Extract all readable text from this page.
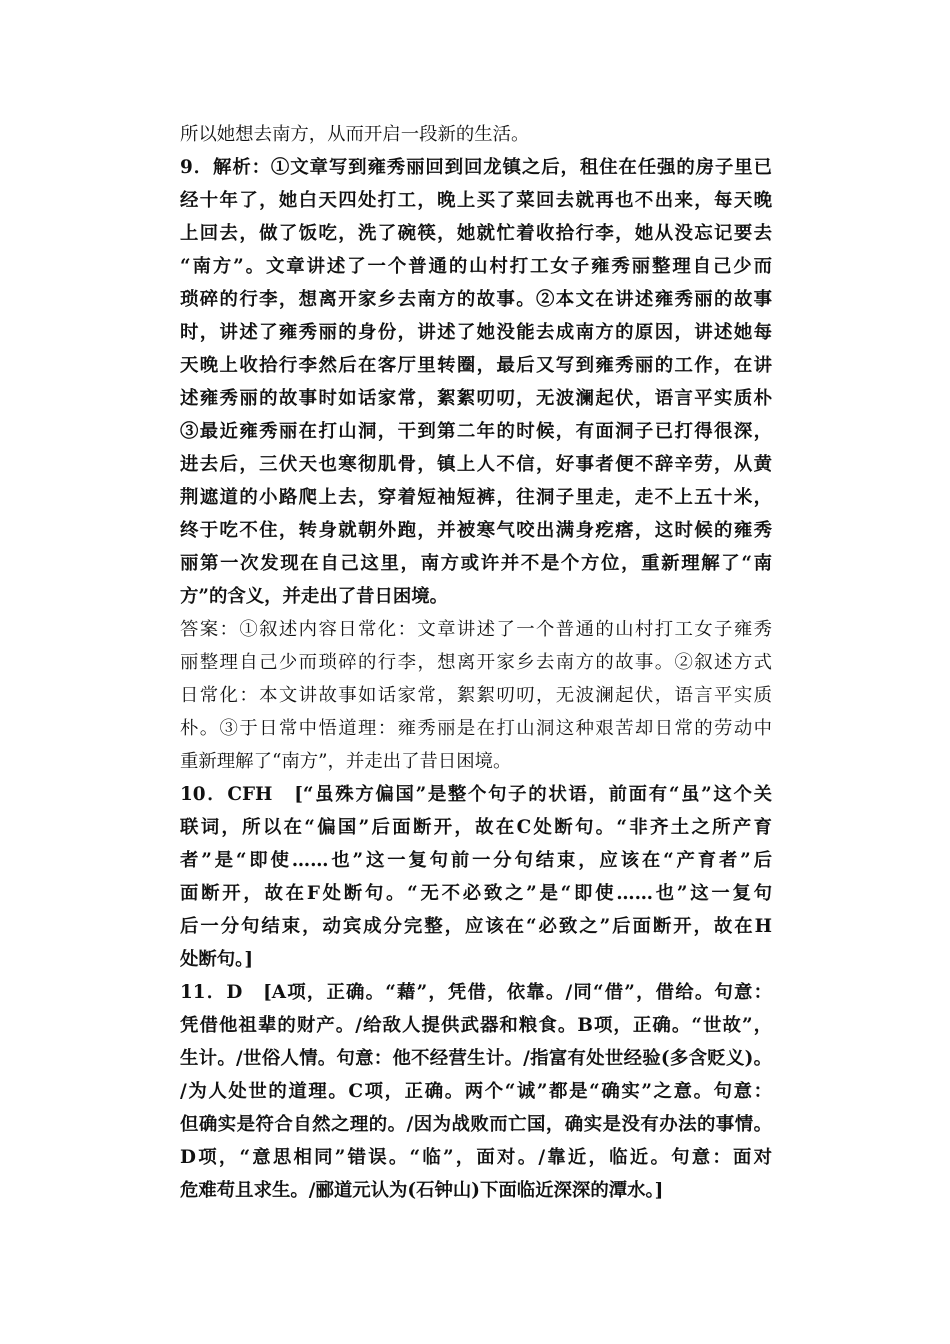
所以她想去南方，从而开启一段新的生活。
9．解析：①文章写到雍秀丽回到回龙镇之后，租住在任强的房子里已
经十年了，她白天四处打工，晚上买了菜回去就再也不出来，每天晚
上回去，做了饭吃，洗了碗筷，她就忙着收拾行李，她从没忘记要去
“南方”。文章讲述了一个普通的山村打工女子雍秀丽整理自己少而
琐碎的行李，想离开家乡去南方的故事。②本文在讲述雍秀丽的故事
时，讲述了雍秀丽的身份，讲述了她没能去成南方的原因，讲述她每
天晚上收拾行李然后在客厅里转圈，最后又写到雍秀丽的工作，在讲
述雍秀丽的故事时如话家常，絮絮叨叨，无波澜起伏，语言平实质朴
③最近雍秀丽在打山洞，干到第二年的时候，有面洞子已打得很深，
进去后，三伏天也寒彻肌骨，镇上人不信，好事者便不辞辛劳，从黄
荆遮道的小路爬上去，穿着短袖短裤，往洞子里走，走不上五十米，
终于吃不住，转身就朝外跑，并被寒气咬出满身疙瘩，这时候的雍秀
丽第一次发现在自己这里，南方或许并不是个方位，重新理解了“南
方”的含义，并走出了昔日困境。
答案：①叙述内容日常化：文章讲述了一个普通的山村打工女子雍秀
丽整理自己少而琐碎的行李，想离开家乡去南方的故事。②叙述方式
日常化：本文讲故事如话家常，絮絮叨叨，无波澜起伏，语言平实质
朴。③于日常中悟道理：雍秀丽是在打山洞这种艰苦却日常的劳动中
重新理解了“南方”，并走出了昔日困境。
10．CFH　[“虽殊方偏国”是整个句子的状语，前面有“虽”这个关
联词，所以在“偏国”后面断开，故在C处断句。“非齐土之所产育
者”是“即使……也”这一复句前一分句结束，应该在“产育者”后
面断开，故在F处断句。“无不必致之”是“即使……也”这一复句
后一分句结束，动宾成分完整，应该在“必致之”后面断开，故在H
处断句。]
11．D　[A项，正确。“藉”，凭借，依靠。/同“借”，借给。句意：
凭借他祖辈的财产。/给敌人提供武器和粮食。B项，正确。“世故”，
生计。/世俗人情。句意：他不经营生计。/指富有处世经验(多含贬义)。
/为人处世的道理。C项，正确。两个“诚”都是“确实”之意。句意：
但确实是符合自然之理的。/因为战败而亡国，确实是没有办法的事情。
D项，“意思相同”错误。“临”，面对。/靠近，临近。句意：面对
危难苟且求生。/郦道元认为(石钟山)下面临近深深的潭水。]
